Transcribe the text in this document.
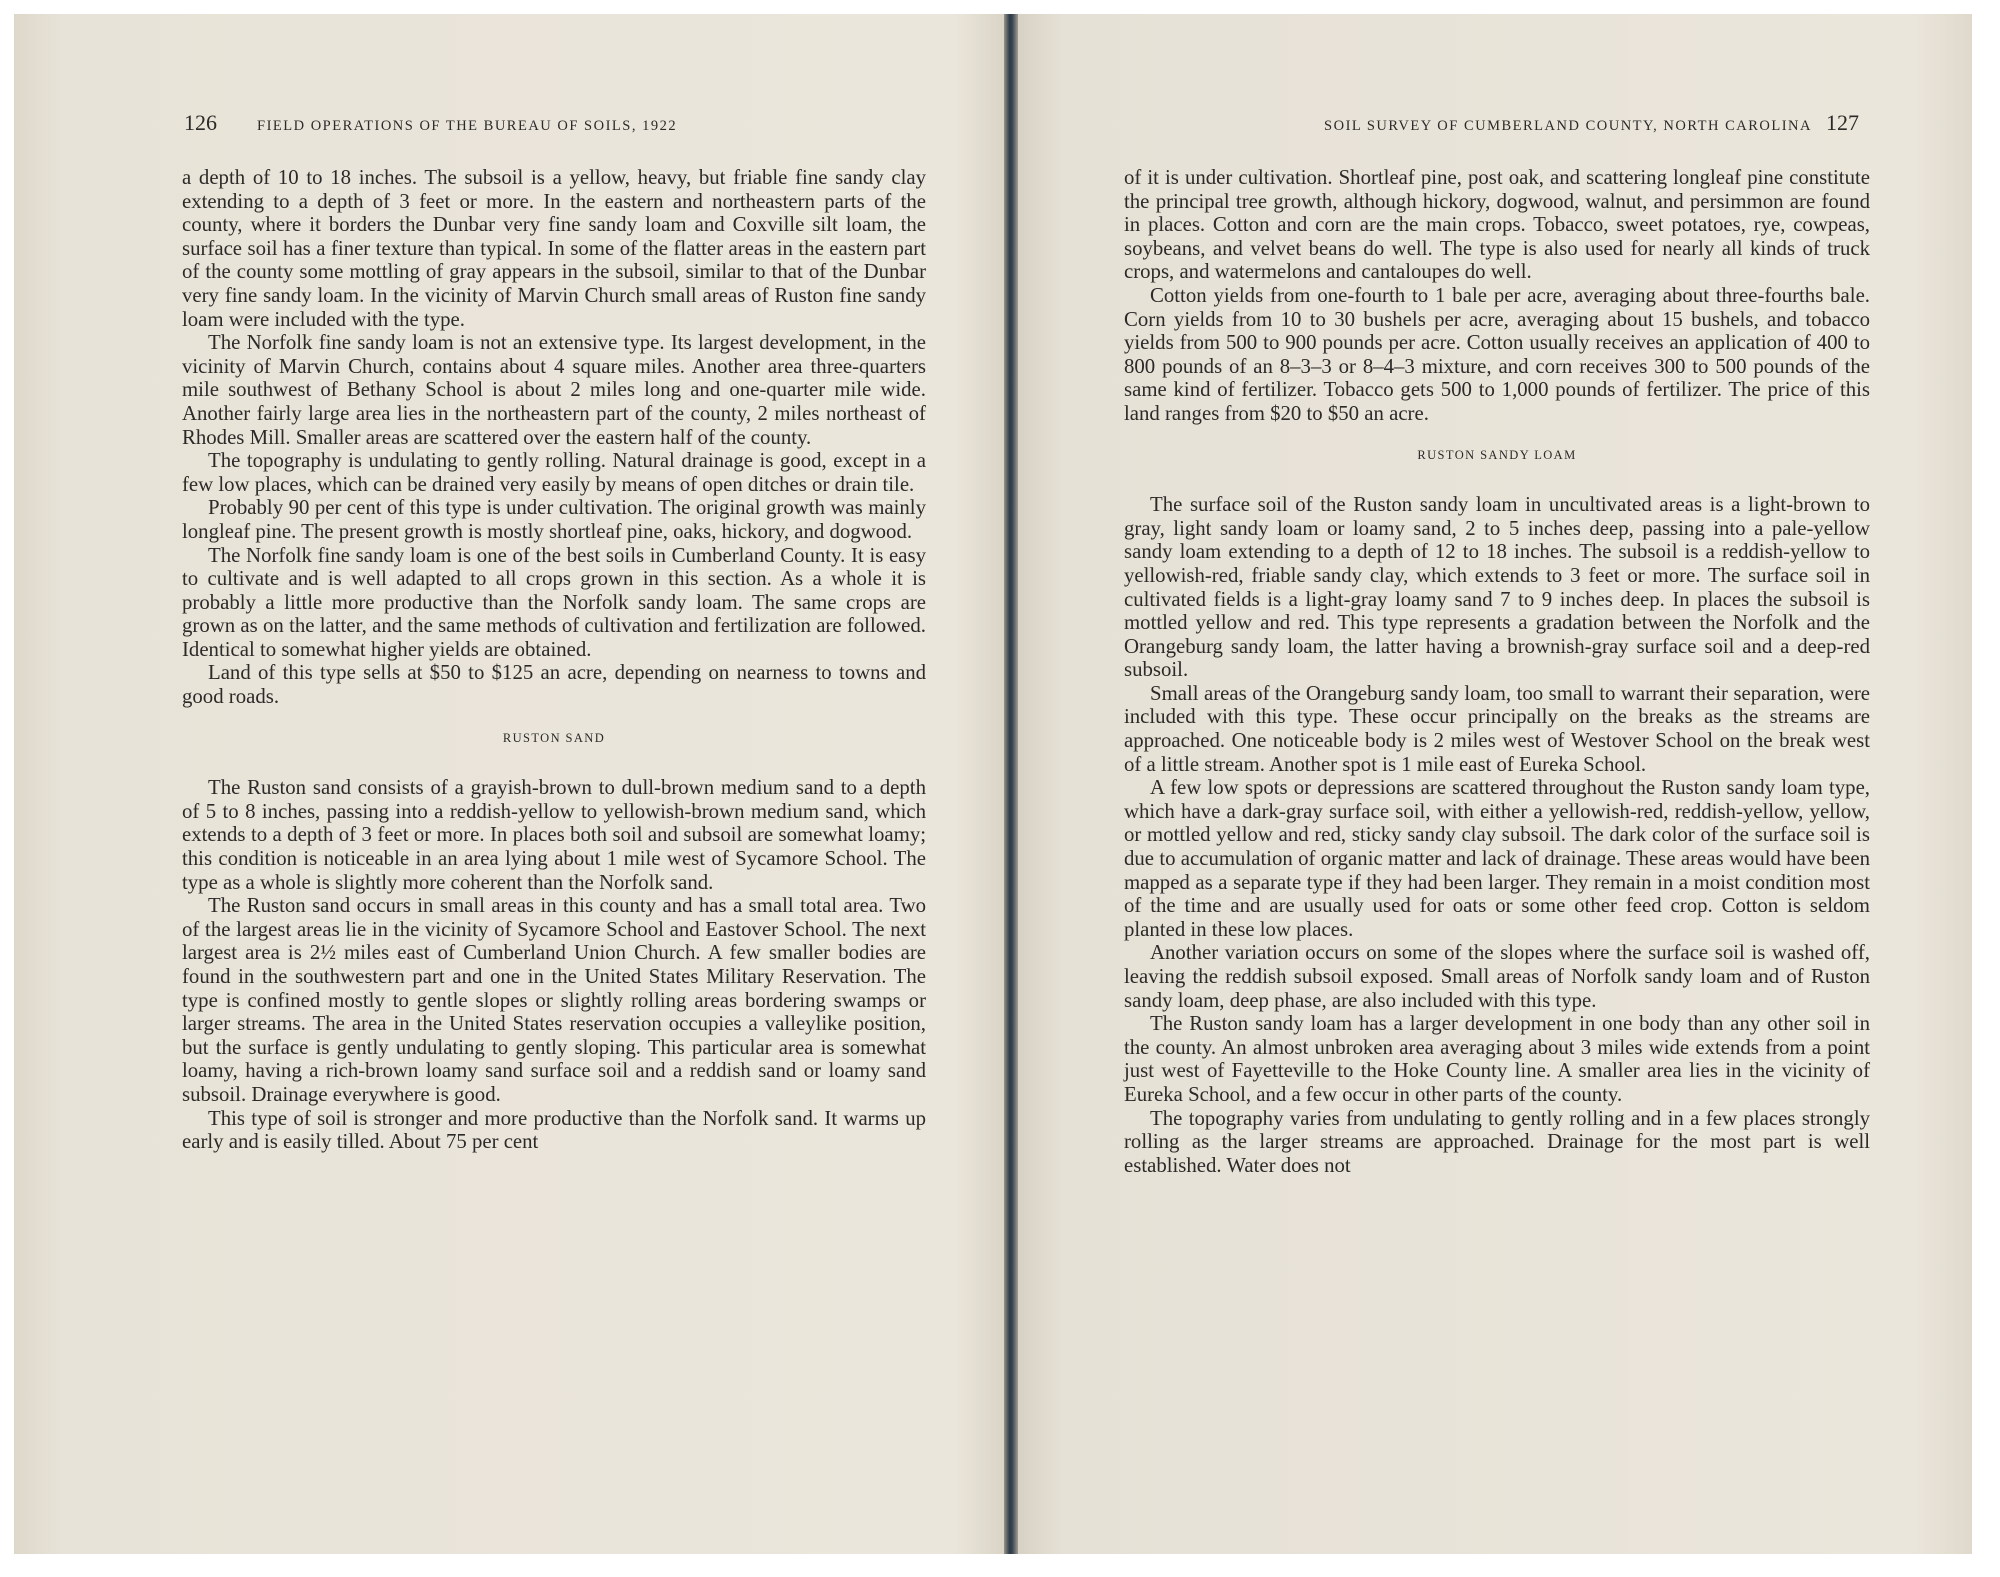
126	FIELD OPERATIONS OF THE BUREAU OF SOILS, 1922

a depth of 10 to 18 inches. The subsoil is a yellow, heavy, but friable fine sandy clay extending to a depth of 3 feet or more. In the eastern and northeastern parts of the county, where it borders the Dunbar very fine sandy loam and Coxville silt loam, the surface soil has a finer texture than typical. In some of the flatter areas in the eastern part of the county some mottling of gray appears in the subsoil, similar to that of the Dunbar very fine sandy loam. In the vicinity of Marvin Church small areas of Ruston fine sandy loam were included with the type.

The Norfolk fine sandy loam is not an extensive type. Its largest development, in the vicinity of Marvin Church, contains about 4 square miles. Another area three-quarters mile southwest of Bethany School is about 2 miles long and one-quarter mile wide. Another fairly large area lies in the northeastern part of the county, 2 miles northeast of Rhodes Mill. Smaller areas are scattered over the eastern half of the county.

The topography is undulating to gently rolling. Natural drainage is good, except in a few low places, which can be drained very easily by means of open ditches or drain tile.

Probably 90 per cent of this type is under cultivation. The original growth was mainly longleaf pine. The present growth is mostly shortleaf pine, oaks, hickory, and dogwood.

The Norfolk fine sandy loam is one of the best soils in Cumberland County. It is easy to cultivate and is well adapted to all crops grown in this section. As a whole it is probably a little more productive than the Norfolk sandy loam. The same crops are grown as on the latter, and the same methods of cultivation and fertilization are followed. Identical to somewhat higher yields are obtained.

Land of this type sells at $50 to $125 an acre, depending on nearness to towns and good roads.

RUSTON SAND

The Ruston sand consists of a grayish-brown to dull-brown medium sand to a depth of 5 to 8 inches, passing into a reddish-yellow to yellowish-brown medium sand, which extends to a depth of 3 feet or more. In places both soil and subsoil are somewhat loamy; this condition is noticeable in an area lying about 1 mile west of Sycamore School. The type as a whole is slightly more coherent than the Norfolk sand.

The Ruston sand occurs in small areas in this county and has a small total area. Two of the largest areas lie in the vicinity of Sycamore School and Eastover School. The next largest area is 2½ miles east of Cumberland Union Church. A few smaller bodies are found in the southwestern part and one in the United States Military Reservation. The type is confined mostly to gentle slopes or slightly rolling areas bordering swamps or larger streams. The area in the United States reservation occupies a valleylike position, but the surface is gently undulating to gently sloping. This particular area is somewhat loamy, having a rich-brown loamy sand surface soil and a reddish sand or loamy sand subsoil. Drainage everywhere is good.

This type of soil is stronger and more productive than the Norfolk sand. It warms up early and is easily tilled. About 75 per cent

SOIL SURVEY OF CUMBERLAND COUNTY, NORTH CAROLINA 127

of it is under cultivation. Shortleaf pine, post oak, and scattering longleaf pine constitute the principal tree growth, although hickory, dogwood, walnut, and persimmon are found in places. Cotton and corn are the main crops. Tobacco, sweet potatoes, rye, cowpeas, soybeans, and velvet beans do well. The type is also used for nearly all kinds of truck crops, and watermelons and cantaloupes do well.

Cotton yields from one-fourth to 1 bale per acre, averaging about three-fourths bale. Corn yields from 10 to 30 bushels per acre, averaging about 15 bushels, and tobacco yields from 500 to 900 pounds per acre. Cotton usually receives an application of 400 to 800 pounds of an 8–3–3 or 8–4–3 mixture, and corn receives 300 to 500 pounds of the same kind of fertilizer. Tobacco gets 500 to 1,000 pounds of fertilizer. The price of this land ranges from $20 to $50 an acre.

RUSTON SANDY LOAM

The surface soil of the Ruston sandy loam in uncultivated areas is a light-brown to gray, light sandy loam or loamy sand, 2 to 5 inches deep, passing into a pale-yellow sandy loam extending to a depth of 12 to 18 inches. The subsoil is a reddish-yellow to yellowish-red, friable sandy clay, which extends to 3 feet or more. The surface soil in cultivated fields is a light-gray loamy sand 7 to 9 inches deep. In places the subsoil is mottled yellow and red. This type represents a gradation between the Norfolk and the Orangeburg sandy loam, the latter having a brownish-gray surface soil and a deep-red subsoil.

Small areas of the Orangeburg sandy loam, too small to warrant their separation, were included with this type. These occur principally on the breaks as the streams are approached. One noticeable body is 2 miles west of Westover School on the break west of a little stream. Another spot is 1 mile east of Eureka School.

A few low spots or depressions are scattered throughout the Ruston sandy loam type, which have a dark-gray surface soil, with either a yellowish-red, reddish-yellow, yellow, or mottled yellow and red, sticky sandy clay subsoil. The dark color of the surface soil is due to accumulation of organic matter and lack of drainage. These areas would have been mapped as a separate type if they had been larger. They remain in a moist condition most of the time and are usually used for oats or some other feed crop. Cotton is seldom planted in these low places.

Another variation occurs on some of the slopes where the surface soil is washed off, leaving the reddish subsoil exposed. Small areas of Norfolk sandy loam and of Ruston sandy loam, deep phase, are also included with this type.

The Ruston sandy loam has a larger development in one body than any other soil in the county. An almost unbroken area averaging about 3 miles wide extends from a point just west of Fayetteville to the Hoke County line. A smaller area lies in the vicinity of Eureka School, and a few occur in other parts of the county.

The topography varies from undulating to gently rolling and in a few places strongly rolling as the larger streams are approached. Drainage for the most part is well established. Water does not
